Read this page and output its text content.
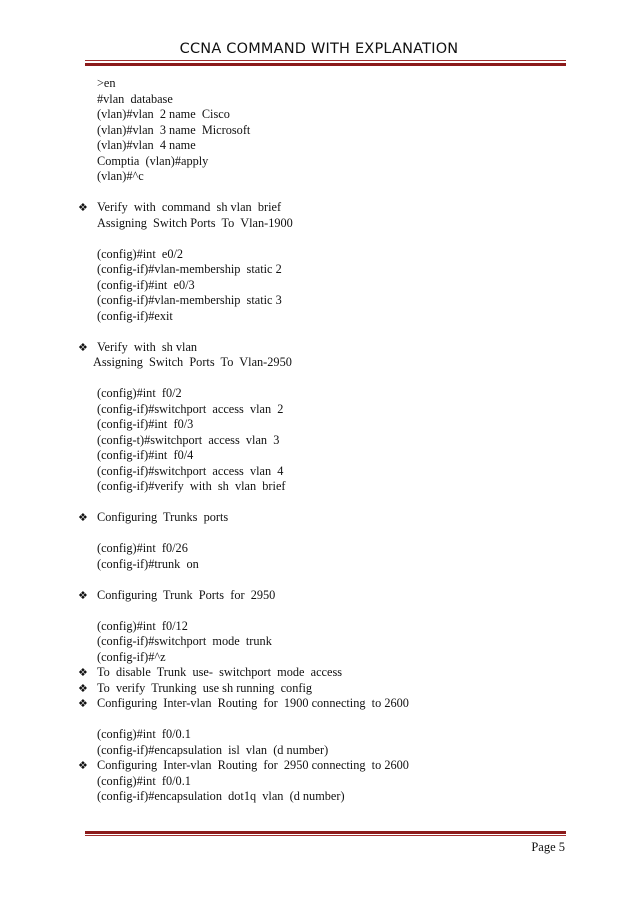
CCNA COMMAND WITH EXPLANATION
>en
#vlan  database
(vlan)#vlan  2 name  Cisco
(vlan)#vlan  3 name  Microsoft
(vlan)#vlan  4 name
Comptia  (vlan)#apply
(vlan)#^c
❖ Verify  with  command  sh vlan  brief
Assigning  Switch Ports  To  Vlan-1900
(config)#int  e0/2
(config-if)#vlan-membership  static 2
(config-if)#int  e0/3
(config-if)#vlan-membership  static 3
(config-if)#exit
❖ Verify  with  sh vlan
Assigning  Switch  Ports  To  Vlan-2950
(config)#int  f0/2
(config-if)#switchport  access  vlan  2
(config-if)#int  f0/3
(config-t)#switchport  access  vlan  3
(config-if)#int  f0/4
(config-if)#switchport  access  vlan  4
(config-if)#verify  with  sh  vlan  brief
❖ Configuring  Trunks  ports
(config)#int  f0/26
(config-if)#trunk  on
❖ Configuring  Trunk  Ports  for  2950
(config)#int  f0/12
(config-if)#switchport  mode  trunk
(config-if)#^z
❖ To  disable  Trunk  use-  switchport  mode  access
❖ To  verify  Trunking  use sh running  config
❖ Configuring  Inter-vlan  Routing  for  1900 connecting  to 2600
(config)#int  f0/0.1
(config-if)#encapsulation  isl  vlan  (d number)
❖ Configuring  Inter-vlan  Routing  for  2950 connecting  to 2600
(config)#int  f0/0.1
(config-if)#encapsulation  dot1q  vlan  (d number)
Page 5
